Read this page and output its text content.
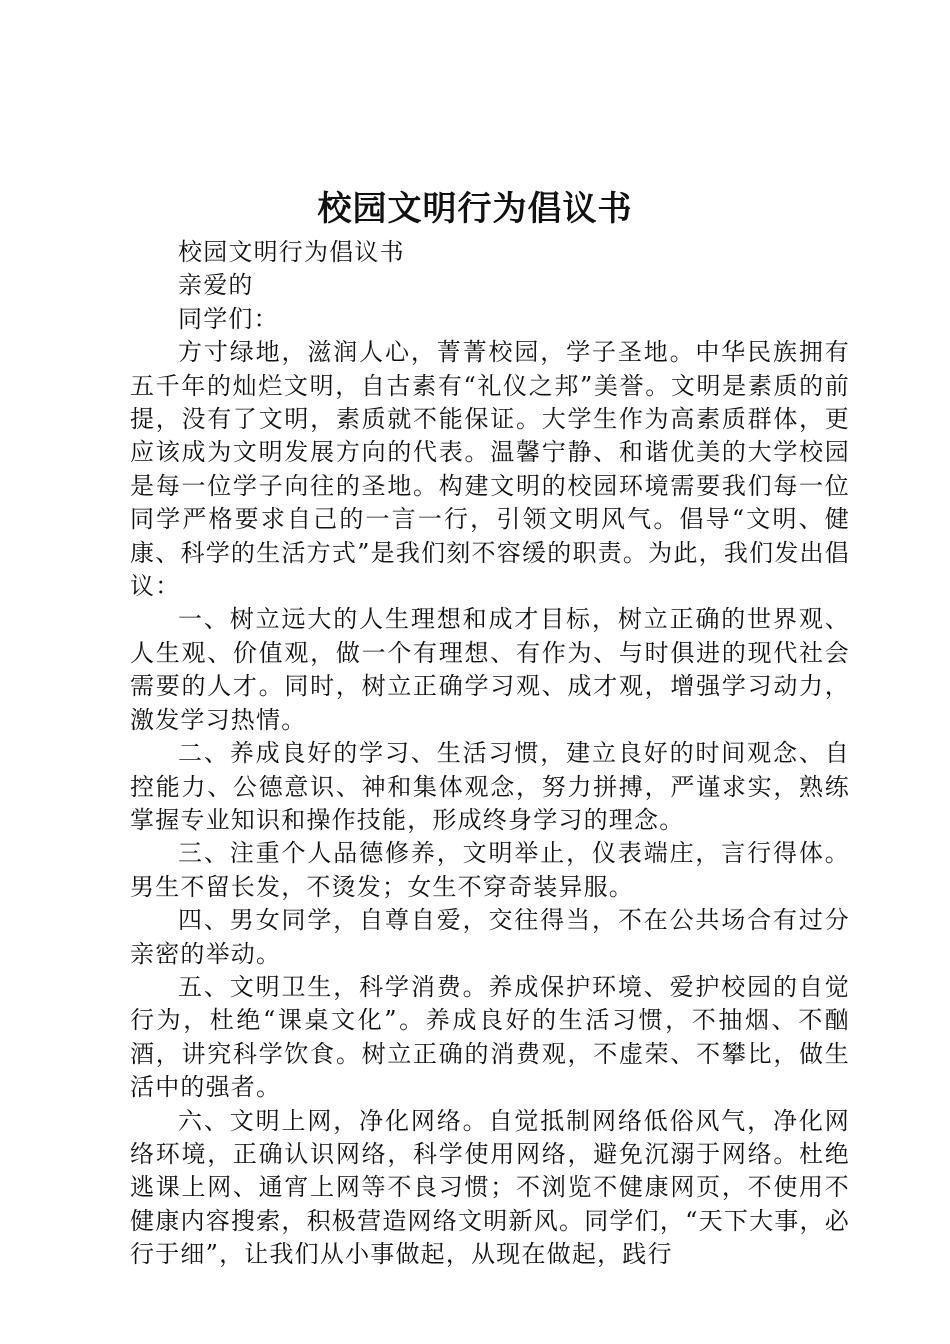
校园文明行为倡议书

校园文明行为倡议书

亲爱的

同学们：

方寸绿地，滋润人心，菁菁校园，学子圣地。中华民族拥有五千年的灿烂文明，自古素有“礼仪之邦”美誉。文明是素质的前提，没有了文明，素质就不能保证。大学生作为高素质群体，更应该成为文明发展方向的代表。温馨宁静、和谐优美的大学校园是每一位学子向往的圣地。构建文明的校园环境需要我们每一位同学严格要求自己的一言一行，引领文明风气。倡导“文明、健康、科学的生活方式”是我们刻不容缓的职责。为此，我们发出倡议：

一、树立远大的人生理想和成才目标，树立正确的世界观、人生观、价值观，做一个有理想、有作为、与时俱进的现代社会需要的人才。同时，树立正确学习观、成才观，增强学习动力，激发学习热情。

二、养成良好的学习、生活习惯，建立良好的时间观念、自控能力、公德意识、神和集体观念，努力拼搏，严谨求实，熟练掌握专业知识和操作技能，形成终身学习的理念。

三、注重个人品德修养，文明举止，仪表端庄，言行得体。男生不留长发，不烫发；女生不穿奇装异服。

四、男女同学，自尊自爱，交往得当，不在公共场合有过分亲密的举动。

五、文明卫生，科学消费。养成保护环境、爱护校园的自觉行为，杜绝“课桌文化”。养成良好的生活习惯，不抽烟、不酗酒，讲究科学饮食。树立正确的消费观，不虚荣、不攀比，做生活中的强者。

六、文明上网，净化网络。自觉抵制网络低俗风气，净化网络环境，正确认识网络，科学使用网络，避免沉溺于网络。杜绝逃课上网、通宵上网等不良习惯；不浏览不健康网页，不使用不健康内容搜索，积极营造网络文明新风。同学们，“天下大事，必行于细”，让我们从小事做起，从现在做起，践行
